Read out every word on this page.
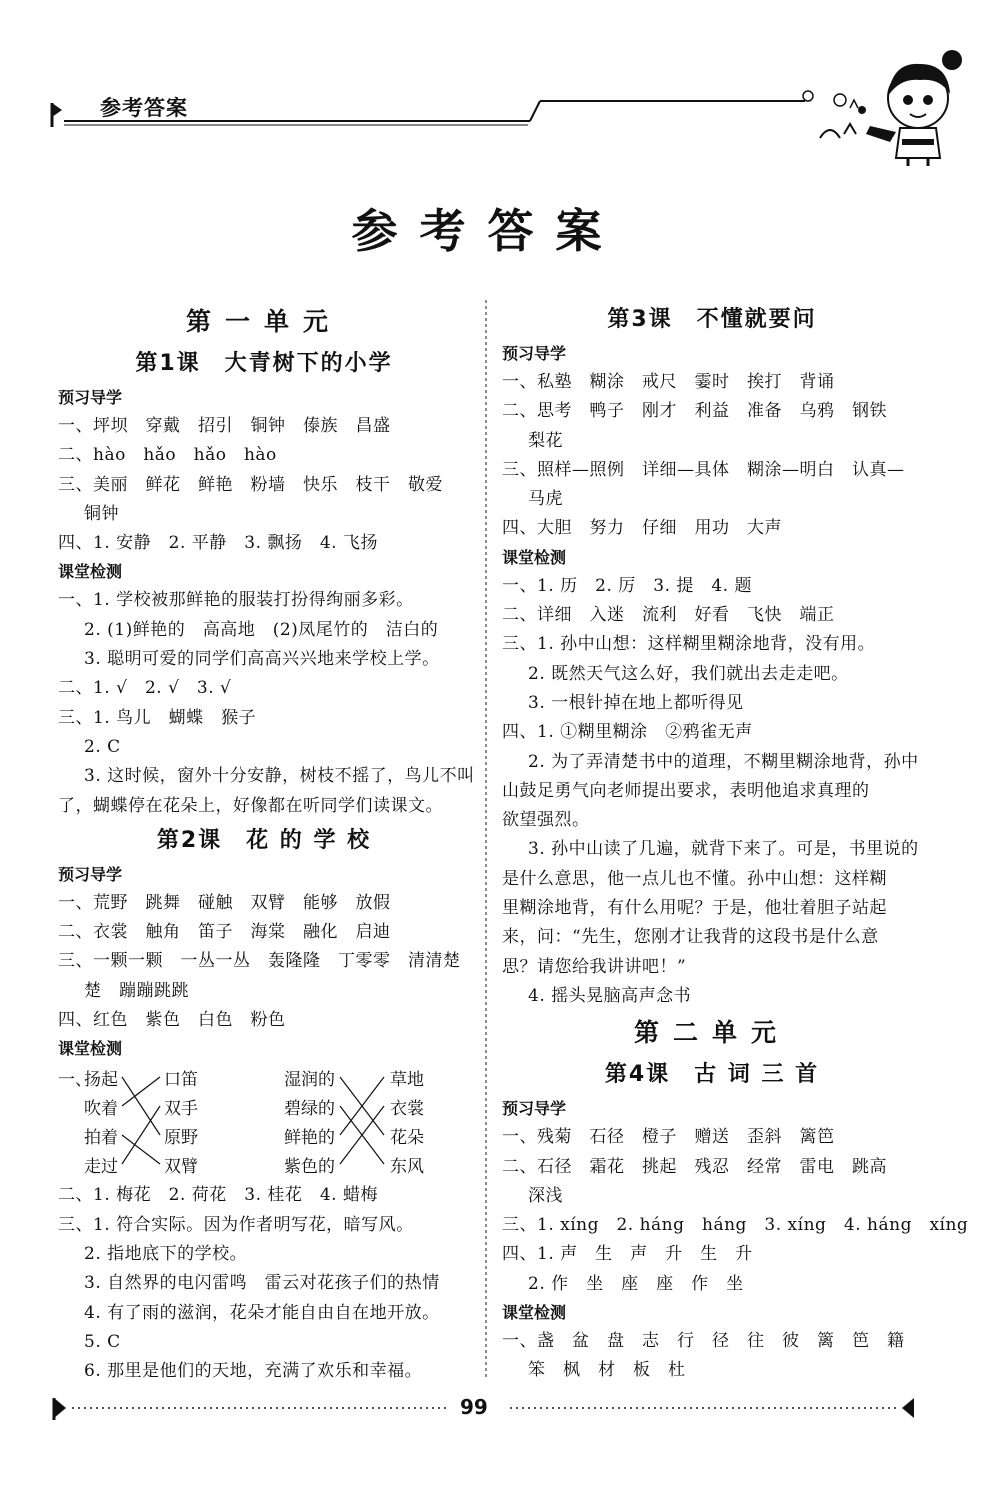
参考答案
参考答案
第一单元
第1课　大青树下的小学
预习导学
一、坪坝　穿戴　招引　铜钟　傣族　昌盛
二、hào　hǎo　hǎo　hào
三、美丽　鲜花　鲜艳　粉墙　快乐　枝干　敬爱
铜钟
四、1. 安静　2. 平静　3. 飘扬　4. 飞扬
课堂检测
一、1. 学校被那鲜艳的服装打扮得绚丽多彩。
2. (1)鲜艳的　高高地　(2)凤尾竹的　洁白的
3. 聪明可爱的同学们高高兴兴地来学校上学。
二、1. √　2. √　3. √
三、1. 鸟儿　蝴蝶　猴子
2. C
3. 这时候，窗外十分安静，树枝不摇了，鸟儿不叫
了，蝴蝶停在花朵上，好像都在听同学们读课文。
第2课　花 的 学 校
预习导学
一、荒野　跳舞　碰触　双臂　能够　放假
二、衣裳　触角　笛子　海棠　融化　启迪
三、一颗一颗　一丛一丛　轰隆隆　丁零零　清清楚
楚　蹦蹦跳跳
四、红色　紫色　白色　粉色
课堂检测
一、
扬起
吹着
拍着
走过
口笛
双手
原野
双臂
湿润的
碧绿的
鲜艳的
紫色的
草地
衣裳
花朵
东风
二、1. 梅花　2. 荷花　3. 桂花　4. 蜡梅
三、1. 符合实际。因为作者明写花，暗写风。
2. 指地底下的学校。
3. 自然界的电闪雷鸣　雷云对花孩子们的热情
4. 有了雨的滋润，花朵才能自由自在地开放。
5. C
6. 那里是他们的天地，充满了欢乐和幸福。
第3课　不懂就要问
预习导学
一、私塾　糊涂　戒尺　霎时　挨打　背诵
二、思考　鸭子　刚才　利益　准备　乌鸦　钢铁
梨花
三、照样—照例　详细—具体　糊涂—明白　认真—
马虎
四、大胆　努力　仔细　用功　大声
课堂检测
一、1. 历　2. 厉　3. 提　4. 题
二、详细　入迷　流利　好看　飞快　端正
三、1. 孙中山想：这样糊里糊涂地背，没有用。
2. 既然天气这么好，我们就出去走走吧。
3. 一根针掉在地上都听得见
四、1. ①糊里糊涂　②鸦雀无声
2. 为了弄清楚书中的道理，不糊里糊涂地背，孙中
山鼓足勇气向老师提出要求，表明他追求真理的
欲望强烈。
3. 孙中山读了几遍，就背下来了。可是，书里说的
是什么意思，他一点儿也不懂。孙中山想：这样糊
里糊涂地背，有什么用呢？于是，他壮着胆子站起
来，问：“先生，您刚才让我背的这段书是什么意
思？请您给我讲讲吧！”
4. 摇头晃脑高声念书
第二单元
第4课　古 词 三 首
预习导学
一、残菊　石径　橙子　赠送　歪斜　篱笆
二、石径　霜花　挑起　残忍　经常　雷电　跳高
深浅
三、1. xíng　2. háng　háng　3. xíng　4. háng　xíng
四、1. 声　生　声　升　生　升
2. 作　坐　座　座　作　坐
课堂检测
一、盏　盆　盘　志　行　径　往　彼　篱　笆　籍
笨　枫　材　板　杜
99
